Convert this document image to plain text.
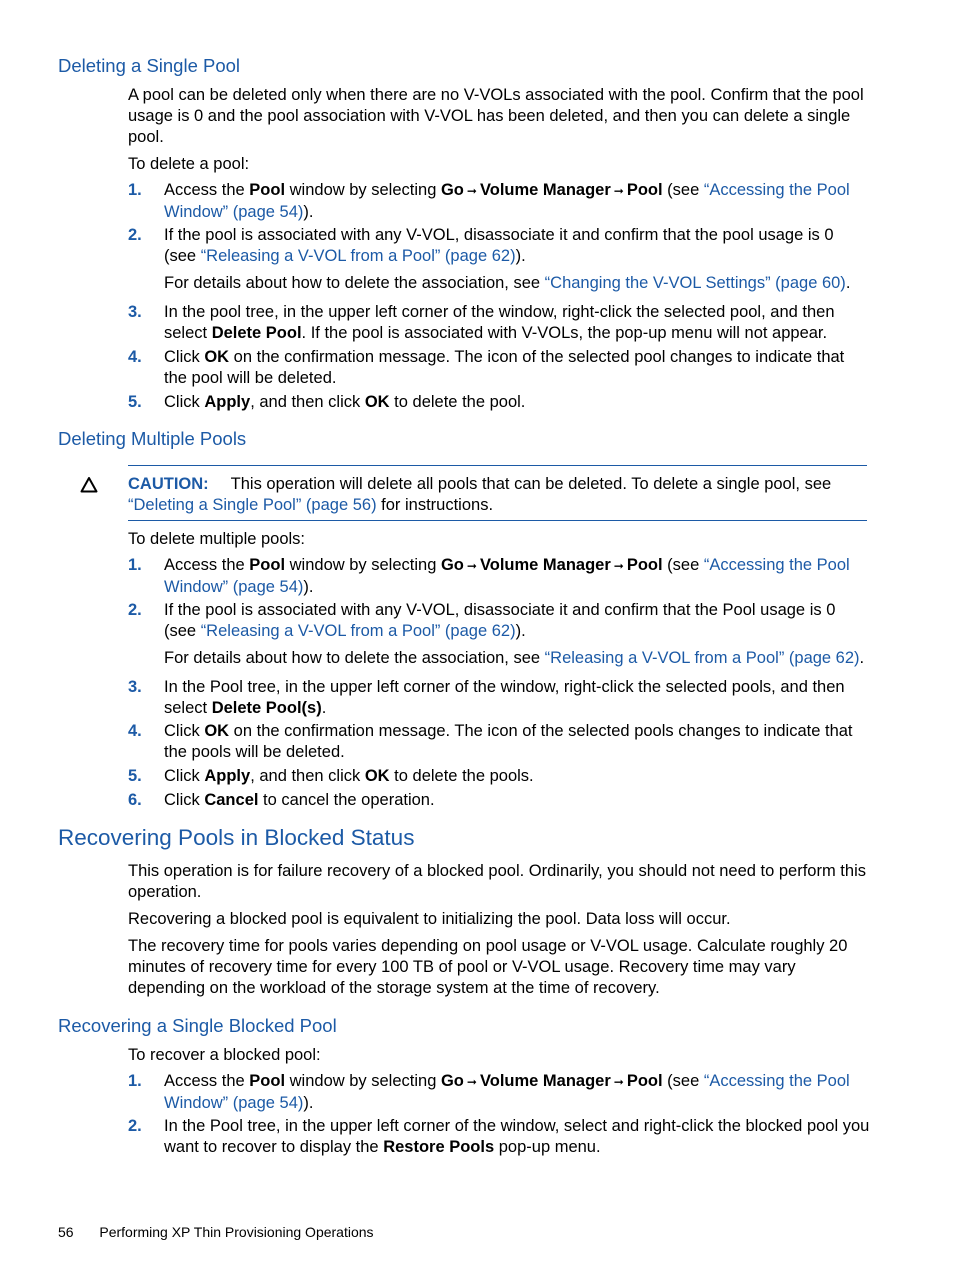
Deleting a Single Pool
A pool can be deleted only when there are no V-VOLs associated with the pool. Confirm that the pool usage is 0 and the pool association with V-VOL has been deleted, and then you can delete a single pool.
To delete a pool:
1. Access the Pool window by selecting Go ➞ Volume Manager ➞ Pool (see “Accessing the Pool Window” (page 54)).
2. If the pool is associated with any V-VOL, disassociate it and confirm that the pool usage is 0 (see “Releasing a V-VOL from a Pool” (page 62)).
For details about how to delete the association, see “Changing the V-VOL Settings” (page 60).
3. In the pool tree, in the upper left corner of the window, right-click the selected pool, and then select Delete Pool. If the pool is associated with V-VOLs, the pop-up menu will not appear.
4. Click OK on the confirmation message. The icon of the selected pool changes to indicate that the pool will be deleted.
5. Click Apply, and then click OK to delete the pool.
Deleting Multiple Pools
CAUTION: This operation will delete all pools that can be deleted. To delete a single pool, see “Deleting a Single Pool” (page 56) for instructions.
To delete multiple pools:
1. Access the Pool window by selecting Go ➞ Volume Manager ➞ Pool (see “Accessing the Pool Window” (page 54)).
2. If the pool is associated with any V-VOL, disassociate it and confirm that the Pool usage is 0 (see “Releasing a V-VOL from a Pool” (page 62)).
For details about how to delete the association, see “Releasing a V-VOL from a Pool” (page 62).
3. In the Pool tree, in the upper left corner of the window, right-click the selected pools, and then select Delete Pool(s).
4. Click OK on the confirmation message. The icon of the selected pools changes to indicate that the pools will be deleted.
5. Click Apply, and then click OK to delete the pools.
6. Click Cancel to cancel the operation.
Recovering Pools in Blocked Status
This operation is for failure recovery of a blocked pool. Ordinarily, you should not need to perform this operation.
Recovering a blocked pool is equivalent to initializing the pool. Data loss will occur.
The recovery time for pools varies depending on pool usage or V-VOL usage. Calculate roughly 20 minutes of recovery time for every 100 TB of pool or V-VOL usage. Recovery time may vary depending on the workload of the storage system at the time of recovery.
Recovering a Single Blocked Pool
To recover a blocked pool:
1. Access the Pool window by selecting Go ➞ Volume Manager ➞ Pool (see “Accessing the Pool Window” (page 54)).
2. In the Pool tree, in the upper left corner of the window, select and right-click the blocked pool you want to recover to display the Restore Pools pop-up menu.
56 Performing XP Thin Provisioning Operations
